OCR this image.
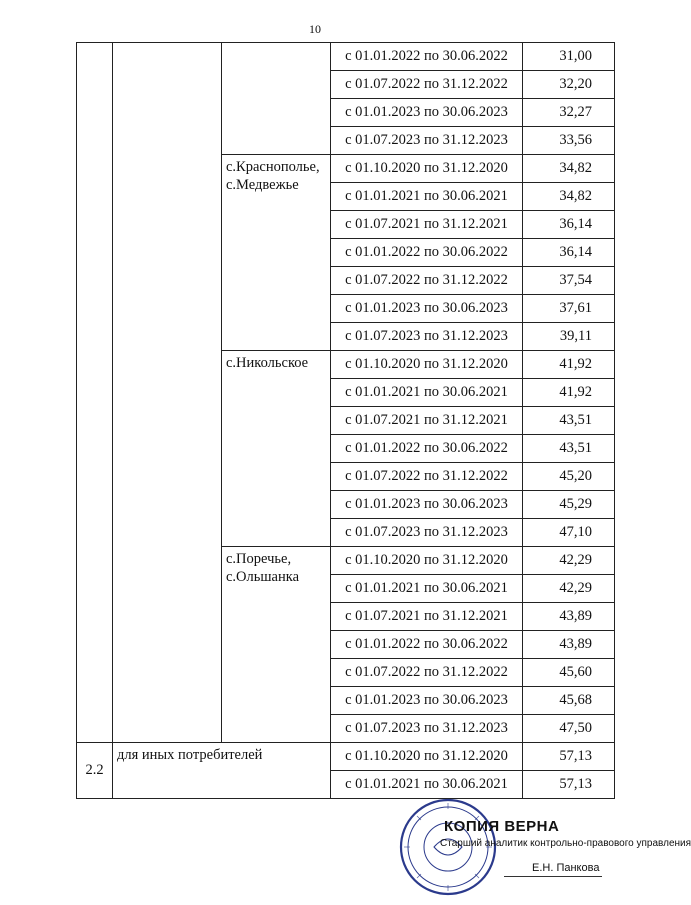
10
			с 01.01.2022 по 30.06.2022	31,00
			с 01.07.2022 по 31.12.2022	32,20
			с 01.01.2023 по 30.06.2023	32,27
			с 01.07.2023 по 31.12.2023	33,56
		с.Краснополье, с.Медвежье	с 01.10.2020 по 31.12.2020	34,82
			с 01.01.2021 по 30.06.2021	34,82
			с 01.07.2021 по 31.12.2021	36,14
			с 01.01.2022 по 30.06.2022	36,14
			с 01.07.2022 по 31.12.2022	37,54
			с 01.01.2023 по 30.06.2023	37,61
			с 01.07.2023 по 31.12.2023	39,11
		с.Никольское	с 01.10.2020 по 31.12.2020	41,92
			с 01.01.2021 по 30.06.2021	41,92
			с 01.07.2021 по 31.12.2021	43,51
			с 01.01.2022 по 30.06.2022	43,51
			с 01.07.2022 по 31.12.2022	45,20
			с 01.01.2023 по 30.06.2023	45,29
			с 01.07.2023 по 31.12.2023	47,10
		с.Поречье, с.Ольшанка	с 01.10.2020 по 31.12.2020	42,29
			с 01.01.2021 по 30.06.2021	42,29
			с 01.07.2021 по 31.12.2021	43,89
			с 01.01.2022 по 30.06.2022	43,89
			с 01.07.2022 по 31.12.2022	45,60
			с 01.01.2023 по 30.06.2023	45,68
			с 01.07.2023 по 31.12.2023	47,50
2.2	для иных потребителей		с 01.10.2020 по 31.12.2020	57,13
			с 01.01.2021 по 30.06.2021	57,13
КОПИЯ ВЕРНА
Старший аналитик контрольно-правового управления
Е.Н. Панкова
